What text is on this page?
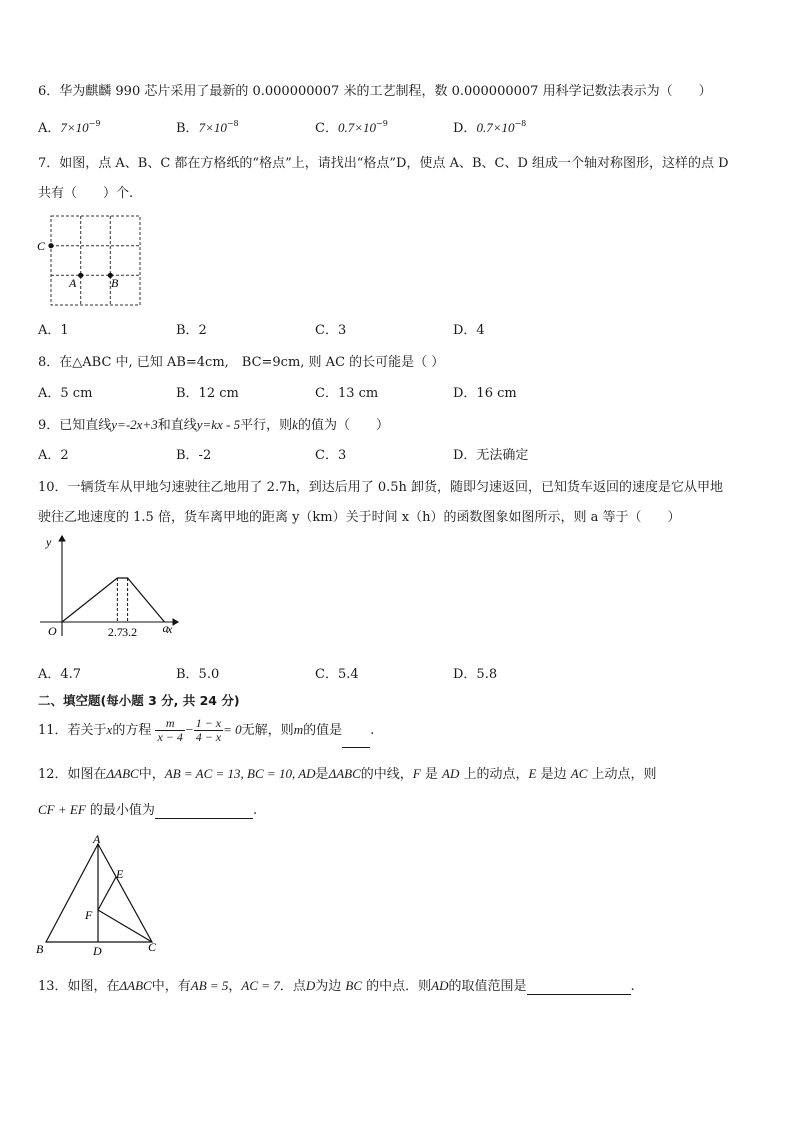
6．华为麒麟 990 芯片采用了最新的 0.000000007 米的工艺制程，数 0.000000007 用科学记数法表示为（　　）
A．$7\times 10^{-9}$	B．$7\times 10^{-8}$	C．$0.7\times 10^{-9}$	D．$0.7\times 10^{-8}$
7．如图，点 A、B、C 都在方格纸的“格点”上，请找出“格点”D，使点 A、B、C、D 组成一个轴对称图形，这样的点 D
共有（　　）个.
C
A	B
A．1	B．2	C．3	D．4
8．在△ABC 中, 已知 AB=4cm,　BC=9cm, 则 AC 的长可能是（ ）
A．5 cm	B．12 cm	C．13 cm	D．16 cm
9．已知直线y=-2x+3和直线y=kx - 5平行，则k的值为（　　）
A．2	B．-2	C．3	D．无法确定
10．一辆货车从甲地匀速驶往乙地用了 2.7h，到达后用了 0.5h 卸货，随即匀速返回，已知货车返回的速度是它从甲地
驶往乙地速度的 1.5 倍，货车离甲地的距离 y（km）关于时间 x（h）的函数图象如图所示，则 a 等于（　　）
y
x
O	2.7 3.2 a
A．4.7	B．5.0	C．5.4	D．5.8
二、填空题(每小题 3 分, 共 24 分)
11．若关于x的方程 $\frac{m}{x - 4} - \frac{1 - x}{4 - x} = 0$无解，则m的值是 .
12．如图在ΔABC中，AB = AC = 13, BC = 10, AD是ΔABC的中线，F 是 AD 上的动点，E 是边 AC 上动点，则
CF + EF 的最小值为	.
A
B	C
D
E
F
13．如图，在ΔABC中，有AB = 5，AC = 7．点D为边 BC 的中点．则AD的取值范围是	.
